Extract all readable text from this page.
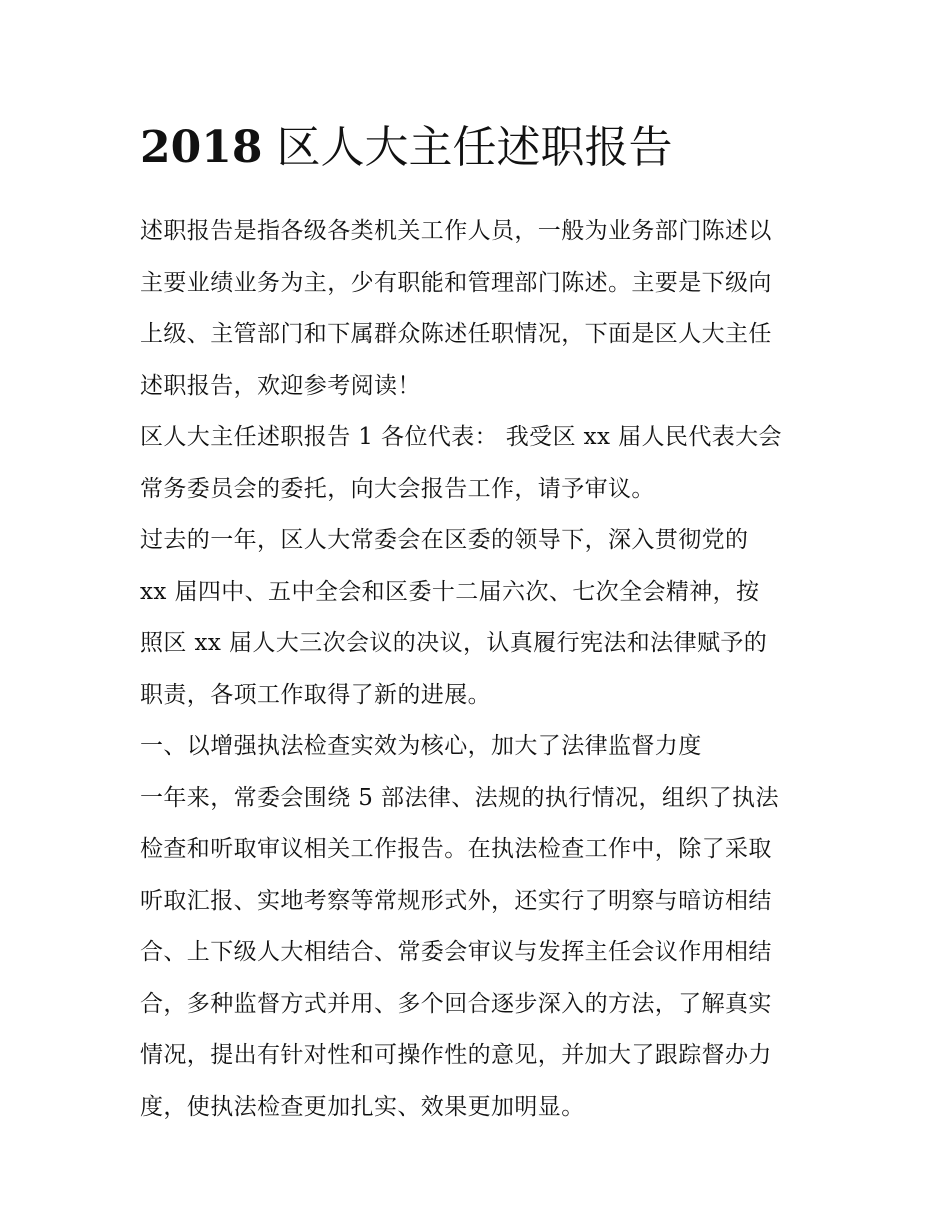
2018 区人大主任述职报告
述职报告是指各级各类机关工作人员，一般为业务部门陈述以
主要业绩业务为主，少有职能和管理部门陈述。主要是下级向
上级、主管部门和下属群众陈述任职情况，下面是区人大主任
述职报告，欢迎参考阅读！
区人大主任述职报告 1 各位代表： 我受区 xx 届人民代表大会
常务委员会的委托，向大会报告工作，请予审议。
过去的一年，区人大常委会在区委的领导下，深入贯彻党的
xx 届四中、五中全会和区委十二届六次、七次全会精神，按
照区 xx 届人大三次会议的决议，认真履行宪法和法律赋予的
职责，各项工作取得了新的进展。
一、以增强执法检查实效为核心，加大了法律监督力度
一年来，常委会围绕 5 部法律、法规的执行情况，组织了执法
检查和听取审议相关工作报告。在执法检查工作中，除了采取
听取汇报、实地考察等常规形式外，还实行了明察与暗访相结
合、上下级人大相结合、常委会审议与发挥主任会议作用相结
合，多种监督方式并用、多个回合逐步深入的方法，了解真实
情况，提出有针对性和可操作性的意见，并加大了跟踪督办力
度，使执法检查更加扎实、效果更加明显。
